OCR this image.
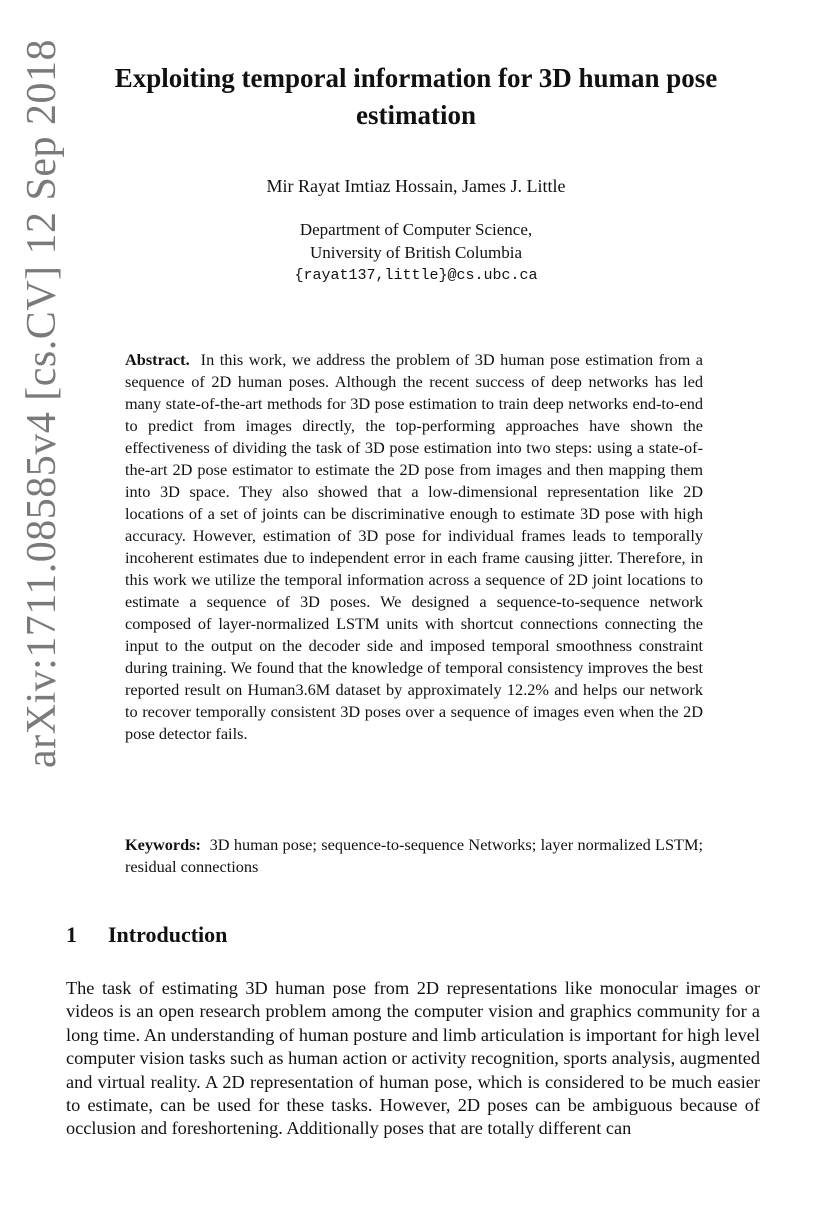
arXiv:1711.08585v4 [cs.CV] 12 Sep 2018	Exploiting temporal information for 3D human pose estimation

Mir Rayat Imtiaz Hossain, James J. Little

Department of Computer Science,
University of British Columbia
{rayat137,little}@cs.ubc.ca

Abstract. In this work, we address the problem of 3D human pose estimation from a sequence of 2D human poses. Although the recent success of deep networks has led many state-of-the-art methods for 3D pose estimation to train deep networks end-to-end to predict from images directly, the top-performing approaches have shown the effectiveness of dividing the task of 3D pose estimation into two steps: using a state-of-the-art 2D pose estimator to estimate the 2D pose from images and then mapping them into 3D space. They also showed that a low-dimensional representation like 2D locations of a set of joints can be discriminative enough to estimate 3D pose with high accuracy. However, estimation of 3D pose for individual frames leads to temporally incoherent estimates due to independent error in each frame causing jitter. Therefore, in this work we utilize the temporal information across a sequence of 2D joint locations to estimate a sequence of 3D poses. We designed a sequence-to-sequence network composed of layer-normalized LSTM units with shortcut connections connecting the input to the output on the decoder side and imposed temporal smoothness constraint during training. We found that the knowledge of temporal consistency improves the best reported result on Human3.6M dataset by approximately 12.2% and helps our network to recover temporally consistent 3D poses over a sequence of images even when the 2D pose detector fails.

Keywords: 3D human pose; sequence-to-sequence Networks; layer normalized LSTM; residual connections

1 Introduction

The task of estimating 3D human pose from 2D representations like monocular images or videos is an open research problem among the computer vision and graphics community for a long time. An understanding of human posture and limb articulation is important for high level computer vision tasks such as human action or activity recognition, sports analysis, augmented and virtual reality. A 2D representation of human pose, which is considered to be much easier to estimate, can be used for these tasks. However, 2D poses can be ambiguous because of occlusion and foreshortening. Additionally poses that are totally different can
